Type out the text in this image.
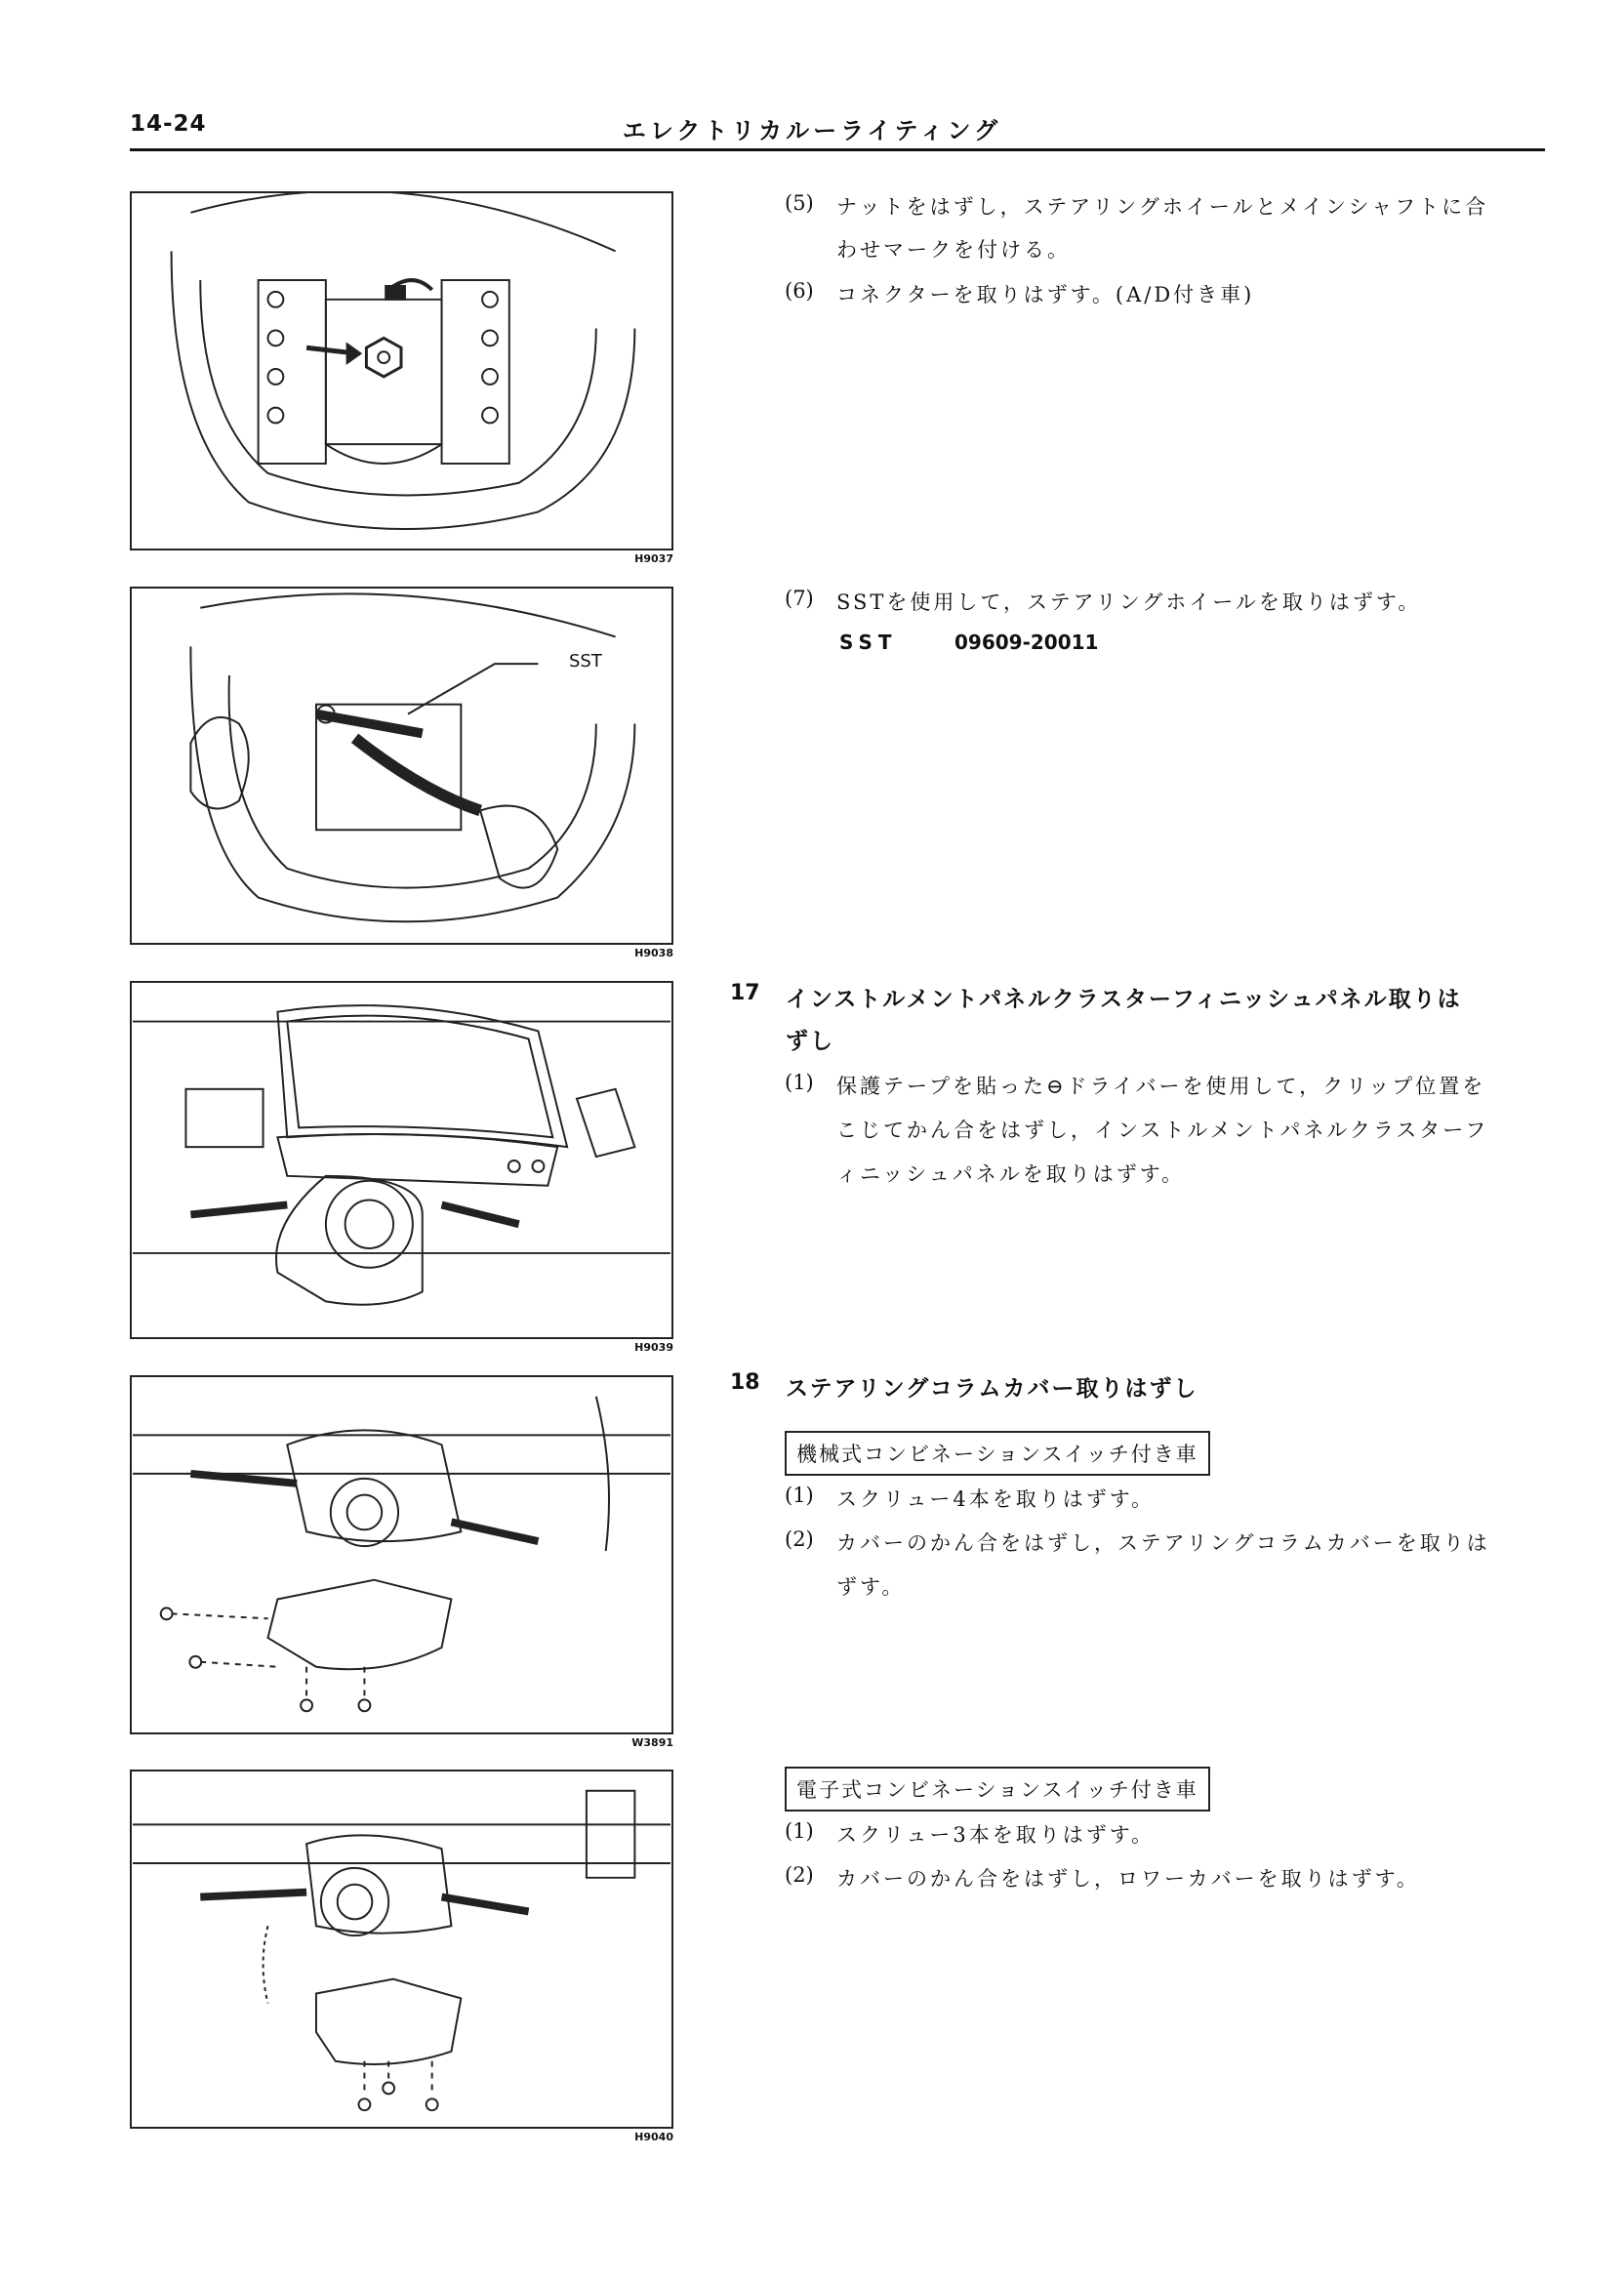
14-24	エレクトリカルーライティング
H9037
SST
H9038
H9039
W3891
H9040
(5) ナットをはずし，ステアリングホイールとメインシャフトに合
わせマークを付ける。
(6) コネクターを取りはずす。(A/D付き車)
(7) SSTを使用して，ステアリングホイールを取りはずす。
SST	09609-20011
17 インストルメントパネルクラスターフィニッシュパネル取りは
ずし
(1) 保護テープを貼った⊖ドライバーを使用して，クリップ位置を
こじてかん合をはずし，インストルメントパネルクラスターフ
ィニッシュパネルを取りはずす。
18 ステアリングコラムカバー取りはずし
機械式コンビネーションスイッチ付き車
(1) スクリュー4本を取りはずす。
(2) カバーのかん合をはずし，ステアリングコラムカバーを取りは
ずす。
電子式コンビネーションスイッチ付き車
(1) スクリュー3本を取りはずす。
(2) カバーのかん合をはずし，ロワーカバーを取りはずす。
